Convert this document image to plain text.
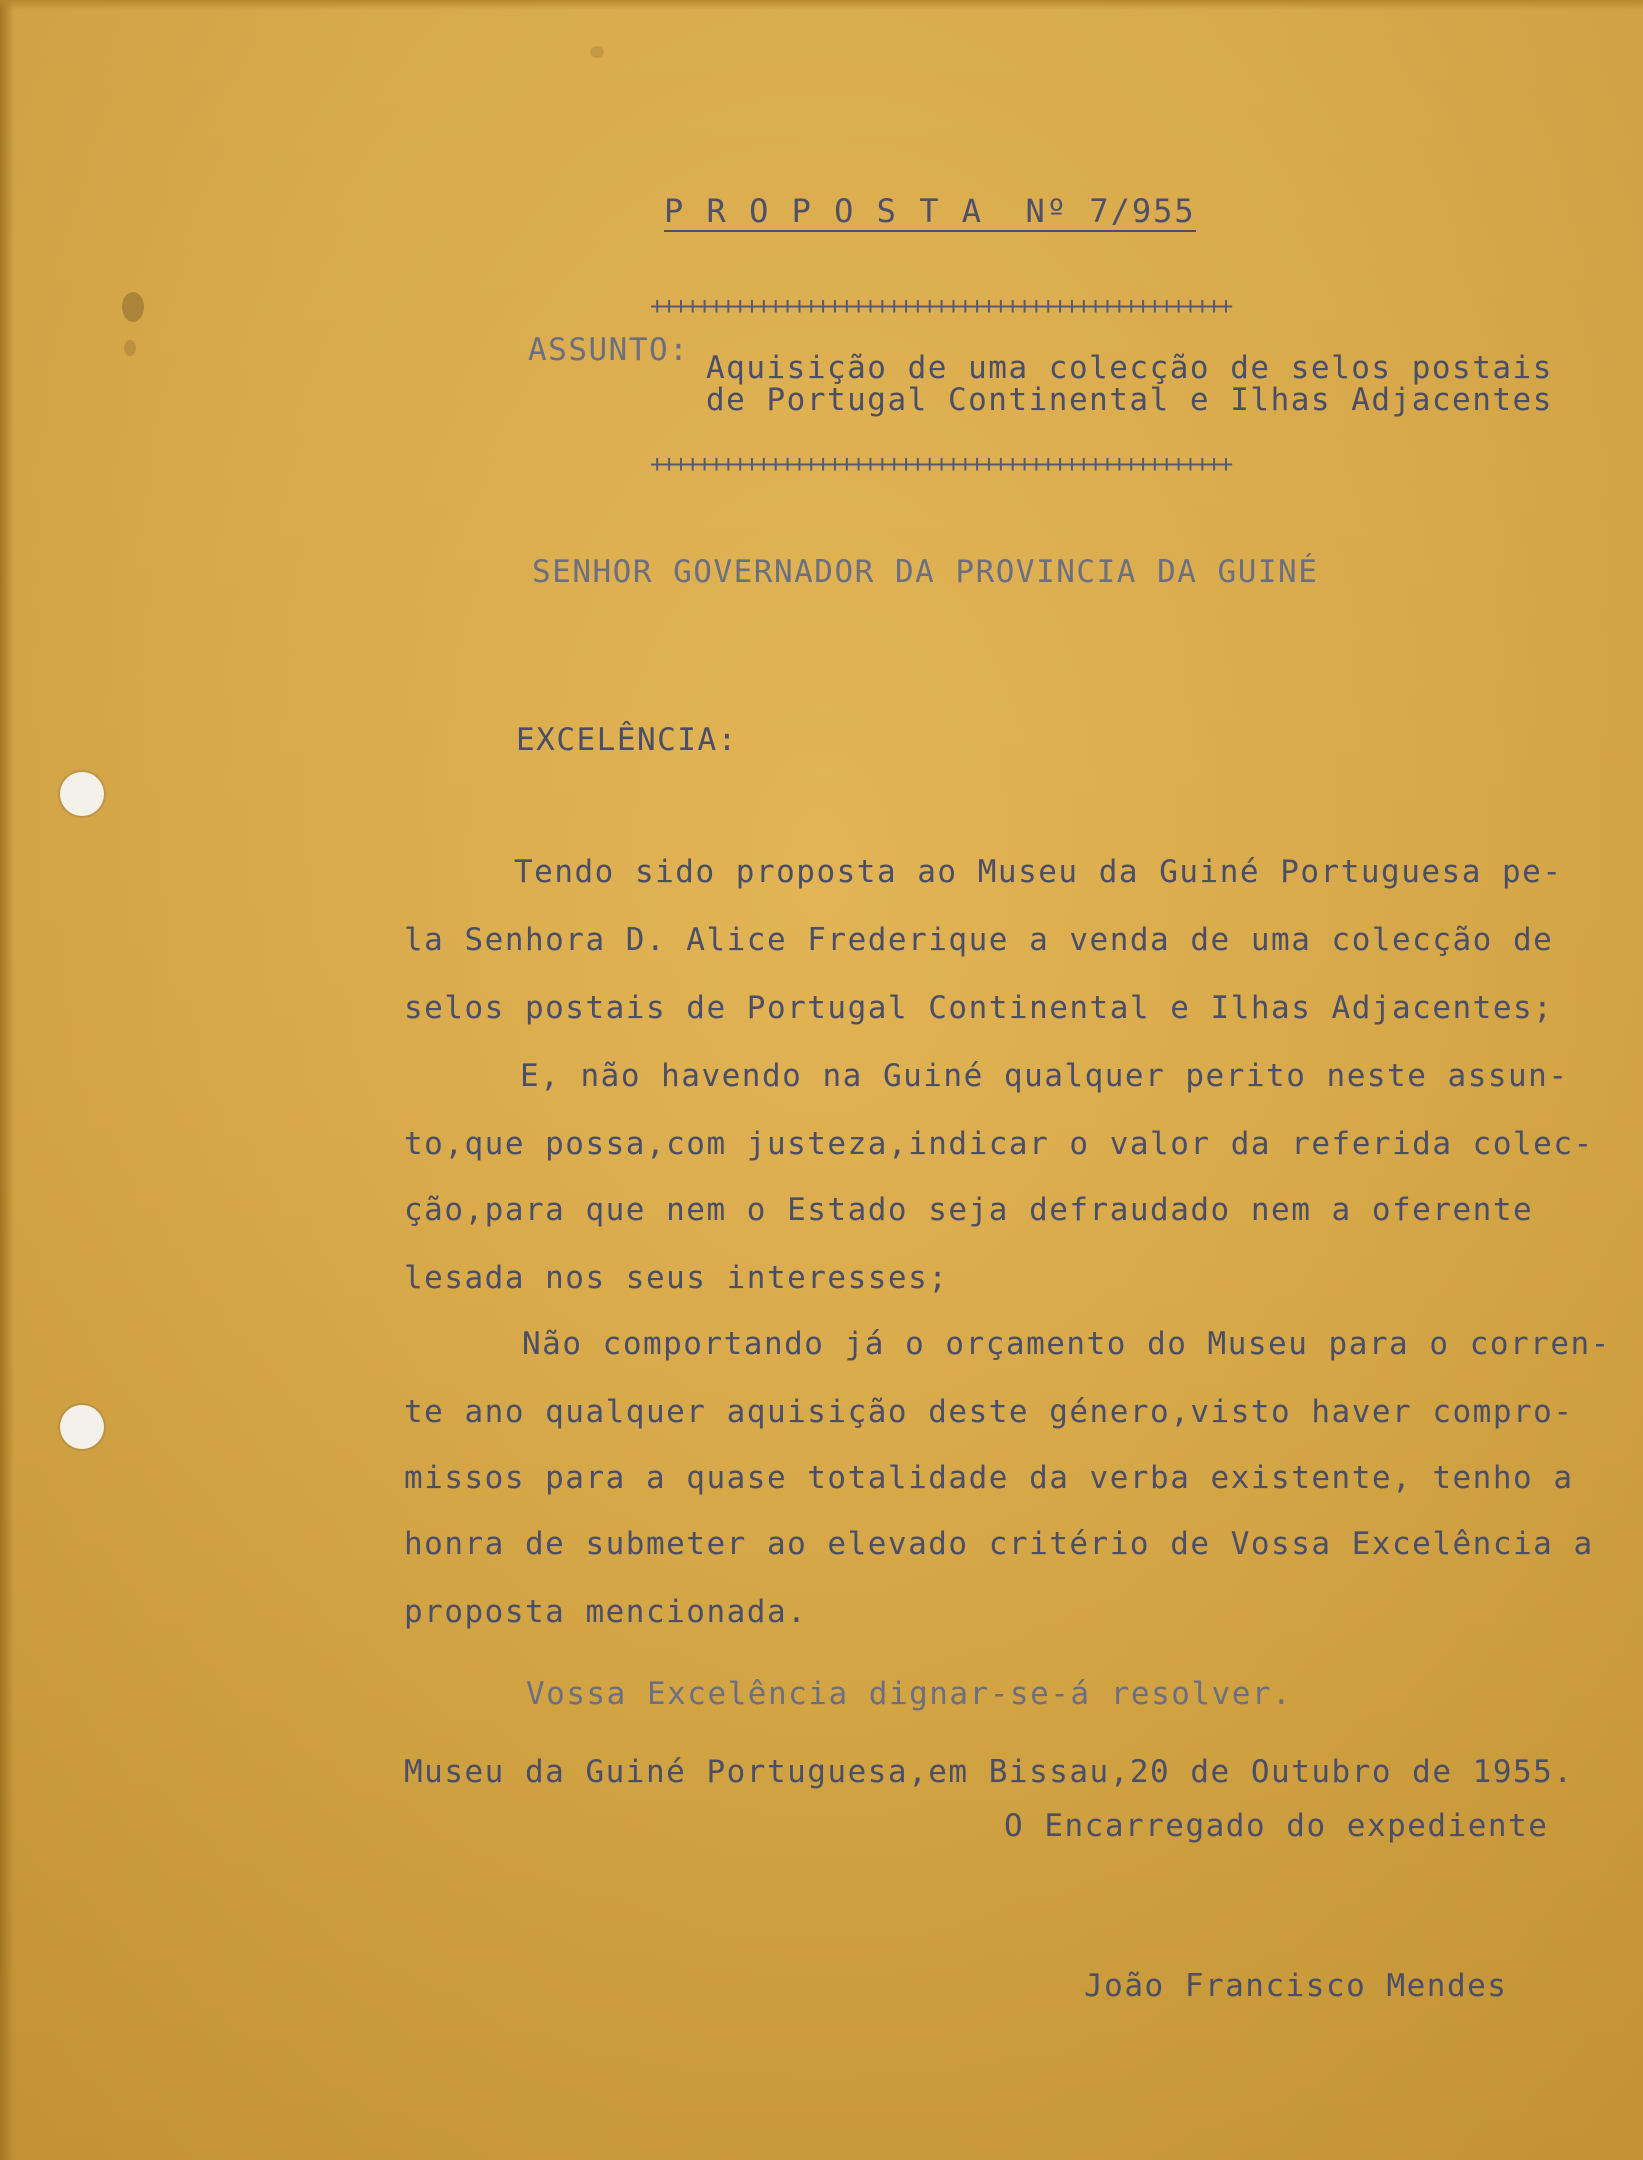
P R O P O S T A  Nº 7/955
+++++++++++++++++++++++++++++++++++++++++++++++++
ASSUNTO: Aquisição de uma colecção de selos postais
de Portugal Continental e Ilhas Adjacentes
+++++++++++++++++++++++++++++++++++++++++++++++++
SENHOR GOVERNADOR DA PROVINCIA DA GUINÉ
EXCELÊNCIA:
Tendo sido proposta ao Museu da Guiné Portuguesa pe-
la Senhora D. Alice Frederique a venda de uma colecção de
selos postais de Portugal Continental e Ilhas Adjacentes;
E, não havendo na Guiné qualquer perito neste assun-
to,que possa,com justeza,indicar o valor da referida colec-
ção,para que nem o Estado seja defraudado nem a oferente
lesada nos seus interesses;
Não comportando já o orçamento do Museu para o corren-
te ano qualquer aquisição deste género,visto haver compro-
missos para a quase totalidade da verba existente, tenho a
honra de submeter ao elevado critério de Vossa Excelência a
proposta mencionada.
Vossa Excelência dignar-se-á resolver.
Museu da Guiné Portuguesa,em Bissau,20 de Outubro de 1955.
O Encarregado do expediente
João Francisco Mendes
